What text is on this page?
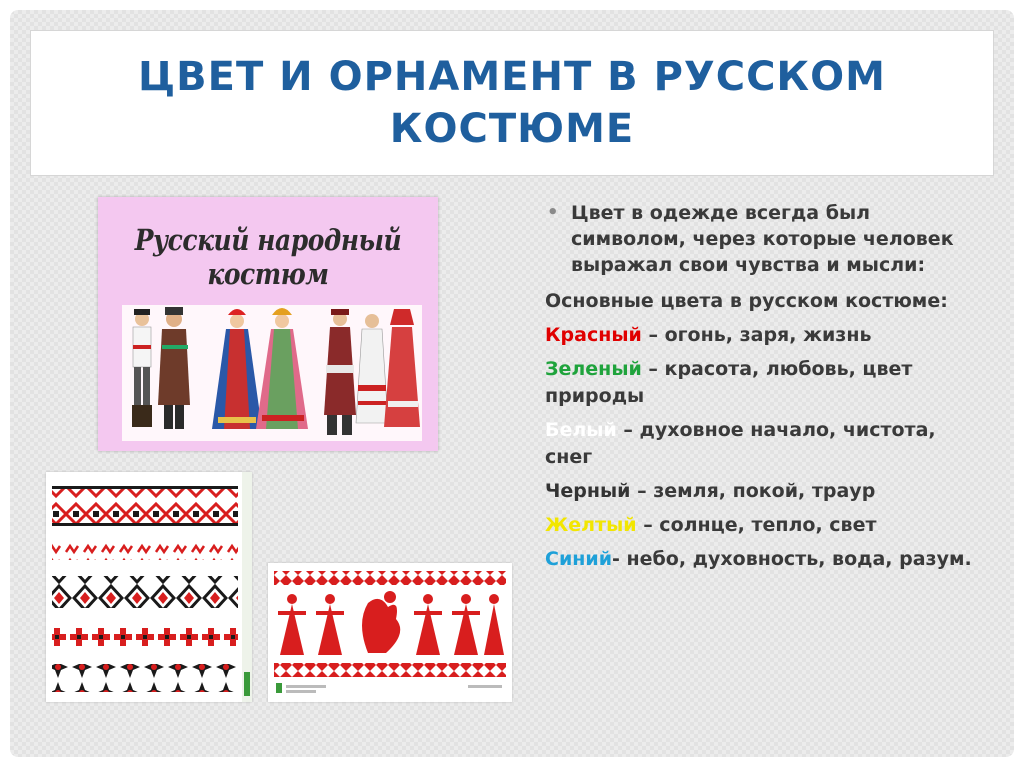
ЦВЕТ И ОРНАМЕНТ В РУССКОМ КОСТЮМЕ
Русский народный костюм
• Цвет в одежде всегда был символом, через которые человек выражал свои чувства и мысли:
Основные цвета в русском костюме:
Красный – огонь, заря, жизнь
Зеленый – красота, любовь, цвет природы
Белый – духовное начало, чистота, снег
Черный – земля, покой, траур
Желтый – солнце, тепло, свет
Синий- небо, духовность, вода, разум.
